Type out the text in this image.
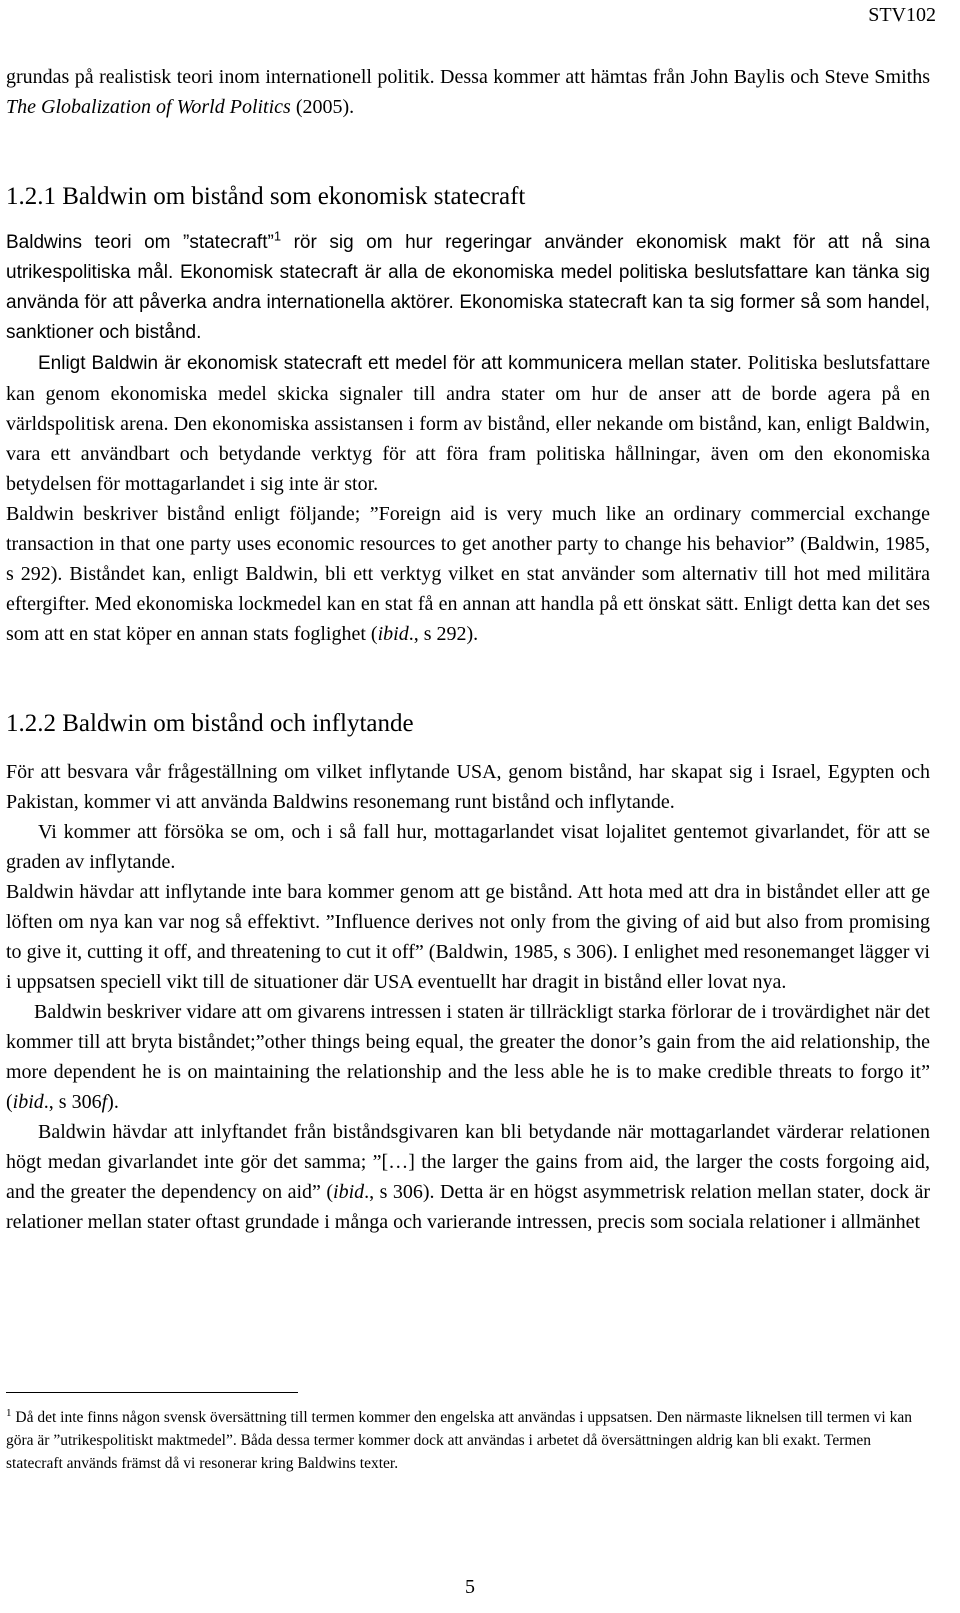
STV102

grundas på realistisk teori inom internationell politik. Dessa kommer att hämtas från John Baylis och Steve Smiths The Globalization of World Politics (2005).

1.2.1 Baldwin om bistånd som ekonomisk statecraft

Baldwins teori om ”statecraft”$^1$ rör sig om hur regeringar använder ekonomisk makt för att nå sina utrikespolitiska mål. Ekonomisk statecraft är alla de ekonomiska medel politiska beslutsfattare kan tänka sig använda för att påverka andra internationella aktörer. Ekonomiska statecraft kan ta sig former så som handel, sanktioner och bistånd.

Enligt Baldwin är ekonomisk statecraft ett medel för att kommunicera mellan stater. Politiska beslutsfattare kan genom ekonomiska medel skicka signaler till andra stater om hur de anser att de borde agera på en världspolitisk arena. Den ekonomiska assistansen i form av bistånd, eller nekande om bistånd, kan, enligt Baldwin, vara ett användbart och betydande verktyg för att föra fram politiska hållningar, även om den ekonomiska betydelsen för mottagarlandet i sig inte är stor.

Baldwin beskriver bistånd enligt följande; ”Foreign aid is very much like an ordinary commercial exchange transaction in that one party uses economic resources to get another party to change his behavior” (Baldwin, 1985, s 292). Biståndet kan, enligt Baldwin, bli ett verktyg vilket en stat använder som alternativ till hot med militära eftergifter. Med ekonomiska lockmedel kan en stat få en annan att handla på ett önskat sätt. Enligt detta kan det ses som att en stat köper en annan stats foglighet (ibid., s 292).

1.2.2 Baldwin om bistånd och inflytande

För att besvara vår frågeställning om vilket inflytande USA, genom bistånd, har skapat sig i Israel, Egypten och Pakistan, kommer vi att använda Baldwins resonemang runt bistånd och inflytande.

Vi kommer att försöka se om, och i så fall hur, mottagarlandet visat lojalitet gentemot givarlandet, för att se graden av inflytande.

Baldwin hävdar att inflytande inte bara kommer genom att ge bistånd. Att hota med att dra in biståndet eller att ge löften om nya kan var nog så effektivt. ”Influence derives not only from the giving of aid but also from promising to give it, cutting it off, and threatening to cut it off” (Baldwin, 1985, s 306). I enlighet med resonemanget lägger vi i uppsatsen speciell vikt till de situationer där USA eventuellt har dragit in bistånd eller lovat nya.

Baldwin beskriver vidare att om givarens intressen i staten är tillräckligt starka förlorar de i trovärdighet när det kommer till att bryta biståndet;”other things being equal, the greater the donor’s gain from the aid relationship, the more dependent he is on maintaining the relationship and the less able he is to make credible threats to forgo it” (ibid., s 306f).

Baldwin hävdar att inlyftandet från biståndsgivaren kan bli betydande när mottagarlandet värderar relationen högt medan givarlandet inte gör det samma; ”[…] the larger the gains from aid, the larger the costs forgoing aid, and the greater the dependency on aid” (ibid., s 306). Detta är en högst asymmetrisk relation mellan stater, dock är relationer mellan stater oftast grundade i många och varierande intressen, precis som sociala relationer i allmänhet

$^1$ Då det inte finns någon svensk översättning till termen kommer den engelska att användas i uppsatsen. Den närmaste liknelsen till termen vi kan göra är ”utrikespolitiskt maktmedel”. Båda dessa termer kommer dock att användas i arbetet då översättningen aldrig kan bli exakt. Termen statecraft används främst då vi resonerar kring Baldwins texter.

5
